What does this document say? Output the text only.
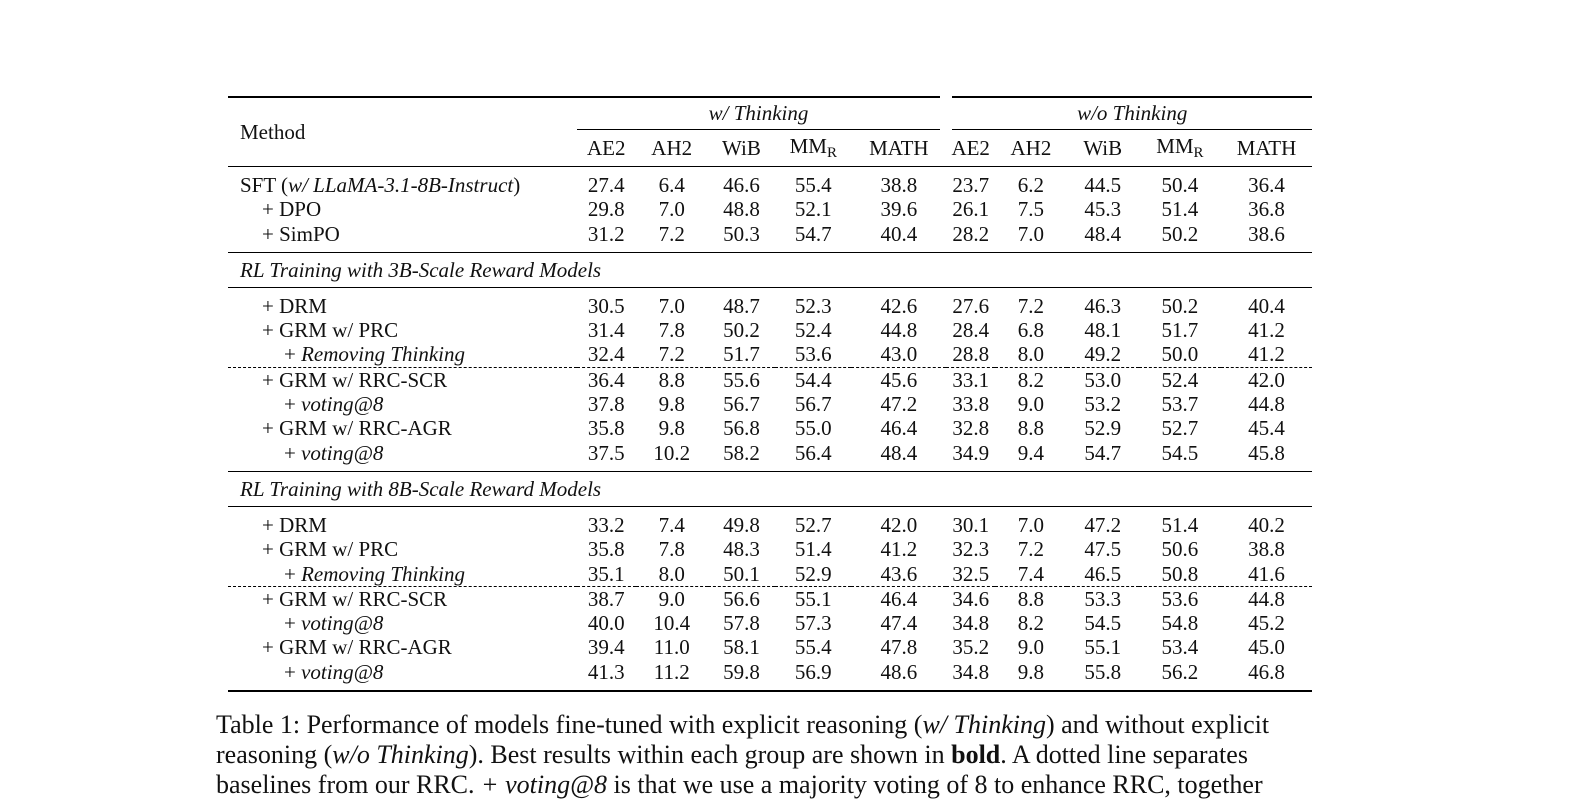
Method	w/ Thinking					w/o Thinking				
	AE2	AH2	WiB	MMR	MATH	AE2	AH2	WiB	MMR	MATH
SFT (w/ LLaMA-3.1-8B-Instruct)	27.4	6.4	46.6	55.4	38.8	23.7	6.2	44.5	50.4	36.4
+ DPO	29.8	7.0	48.8	52.1	39.6	26.1	7.5	45.3	51.4	36.8
+ SimPO	31.2	7.2	50.3	54.7	40.4	28.2	7.0	48.4	50.2	38.6
RL Training with 3B-Scale Reward Models										
+ DRM	30.5	7.0	48.7	52.3	42.6	27.6	7.2	46.3	50.2	40.4
+ GRM w/ PRC	31.4	7.8	50.2	52.4	44.8	28.4	6.8	48.1	51.7	41.2
+ Removing Thinking	32.4	7.2	51.7	53.6	43.0	28.8	8.0	49.2	50.0	41.2
+ GRM w/ RRC-SCR	36.4	8.8	55.6	54.4	45.6	33.1	8.2	53.0	52.4	42.0
+ voting@8	37.8	9.8	56.7	56.7	47.2	33.8	9.0	53.2	53.7	44.8
+ GRM w/ RRC-AGR	35.8	9.8	56.8	55.0	46.4	32.8	8.8	52.9	52.7	45.4
+ voting@8	37.5	10.2	58.2	56.4	48.4	34.9	9.4	54.7	54.5	45.8
RL Training with 8B-Scale Reward Models										
+ DRM	33.2	7.4	49.8	52.7	42.0	30.1	7.0	47.2	51.4	40.2
+ GRM w/ PRC	35.8	7.8	48.3	51.4	41.2	32.3	7.2	47.5	50.6	38.8
+ Removing Thinking	35.1	8.0	50.1	52.9	43.6	32.5	7.4	46.5	50.8	41.6
+ GRM w/ RRC-SCR	38.7	9.0	56.6	55.1	46.4	34.6	8.8	53.3	53.6	44.8
+ voting@8	40.0	10.4	57.8	57.3	47.4	34.8	8.2	54.5	54.8	45.2
+ GRM w/ RRC-AGR	39.4	11.0	58.1	55.4	47.8	35.2	9.0	55.1	53.4	45.0
+ voting@8	41.3	11.2	59.8	56.9	48.6	34.8	9.8	55.8	56.2	46.8
Table 1: Performance of models fine-tuned with explicit reasoning (w/ Thinking) and without explicit
reasoning (w/o Thinking). Best results within each group are shown in bold. A dotted line separates
baselines from our RRC. + voting@8 is that we use a majority voting of 8 to enhance RRC, together
